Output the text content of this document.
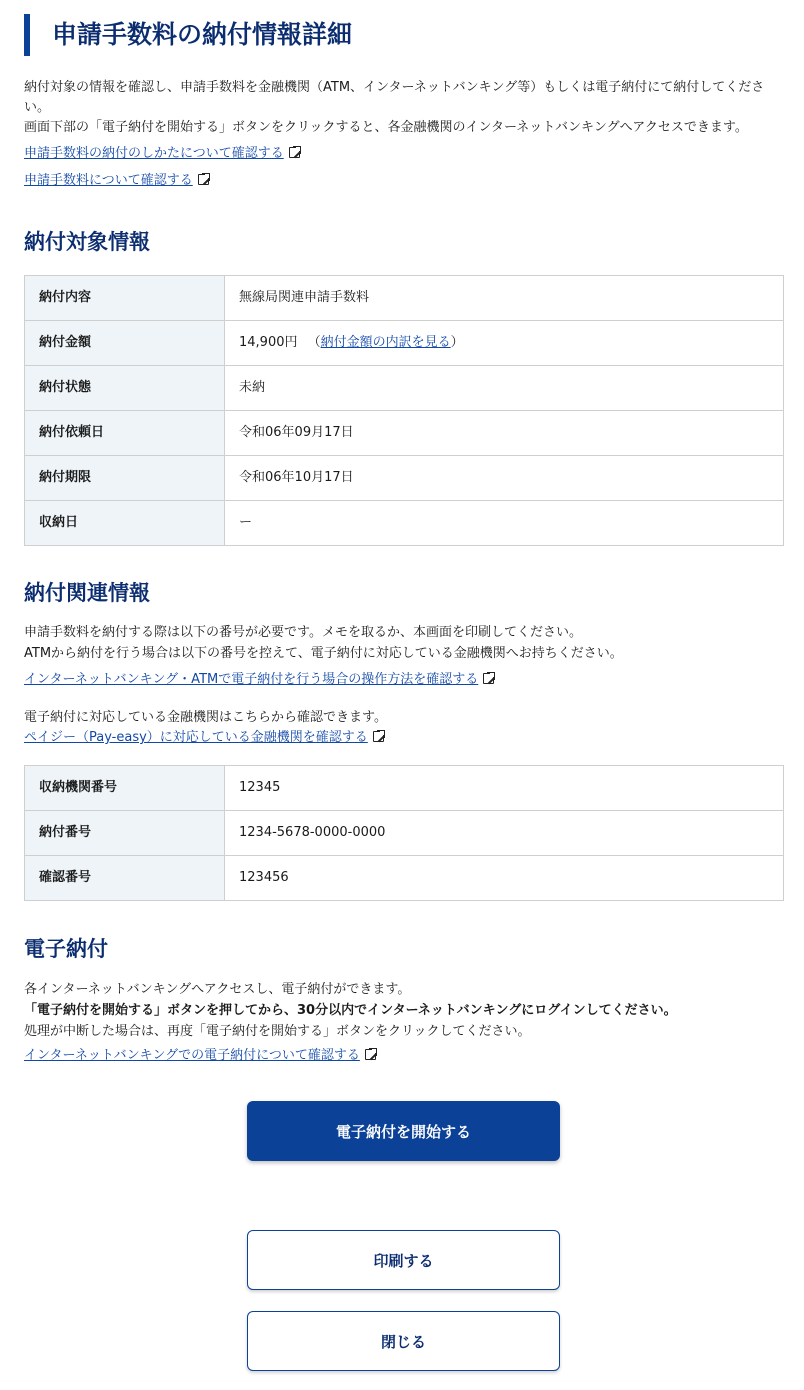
申請手数料の納付情報詳細

納付対象の情報を確認し、申請手数料を金融機関（ATM、インターネットバンキング等）もしくは電子納付にて納付してください。

画面下部の「電子納付を開始する」ボタンをクリックすると、各金融機関のインターネットバンキングへアクセスできます。

申請手数料の納付のしかたについて確認する
申請手数料について確認する
納付対象情報
納付内容	無線局関連申請手数料
納付金額	14,900円 （納付金額の内訳を見る）
納付状態	未納
納付依頼日	令和06年09月17日
納付期限	令和06年10月17日
収納日	ー
納付関連情報

申請手数料を納付する際は以下の番号が必要です。メモを取るか、本画面を印刷してください。

ATMから納付を行う場合は以下の番号を控えて、電子納付に対応している金融機関へお持ちください。

インターネットバンキング・ATMで電子納付を行う場合の操作方法を確認する

電子納付に対応している金融機関はこちらから確認できます。

ペイジー（Pay-easy）に対応している金融機関を確認する
収納機関番号	12345
納付番号	1234-5678-0000-0000
確認番号	123456
電子納付

各インターネットバンキングへアクセスし、電子納付ができます。

「電子納付を開始する」ボタンを押してから、30分以内でインターネットバンキングにログインしてください。

処理が中断した場合は、再度「電子納付を開始する」ボタンをクリックしてください。

インターネットバンキングでの電子納付について確認する
電子納付を開始する
印刷する
閉じる
